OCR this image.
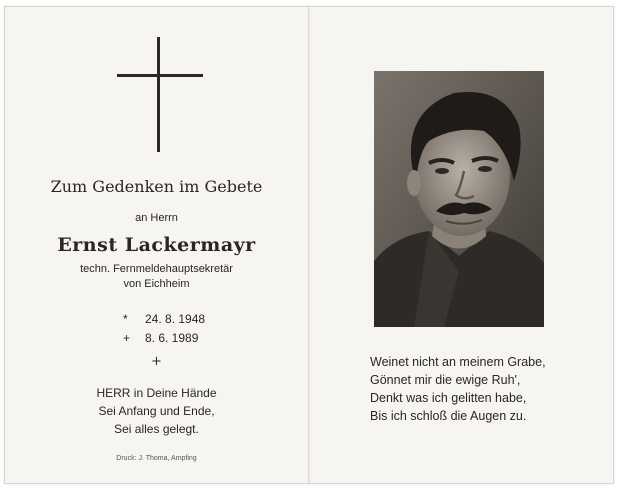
Zum Gedenken im Gebete
an Herrn
Ernst Lackermayr
techn. Fernmeldehauptsekretär
von Eichheim
* 24. 8. 1948
+ 8. 6. 1989
+
HERR in Deine Hände
Sei Anfang und Ende,
Sei alles gelegt.
Druck: J. Thoma, Ampfing
Weinet nicht an meinem Grabe,
Gönnet mir die ewige Ruh',
Denkt was ich gelitten habe,
Bis ich schloß die Augen zu.
